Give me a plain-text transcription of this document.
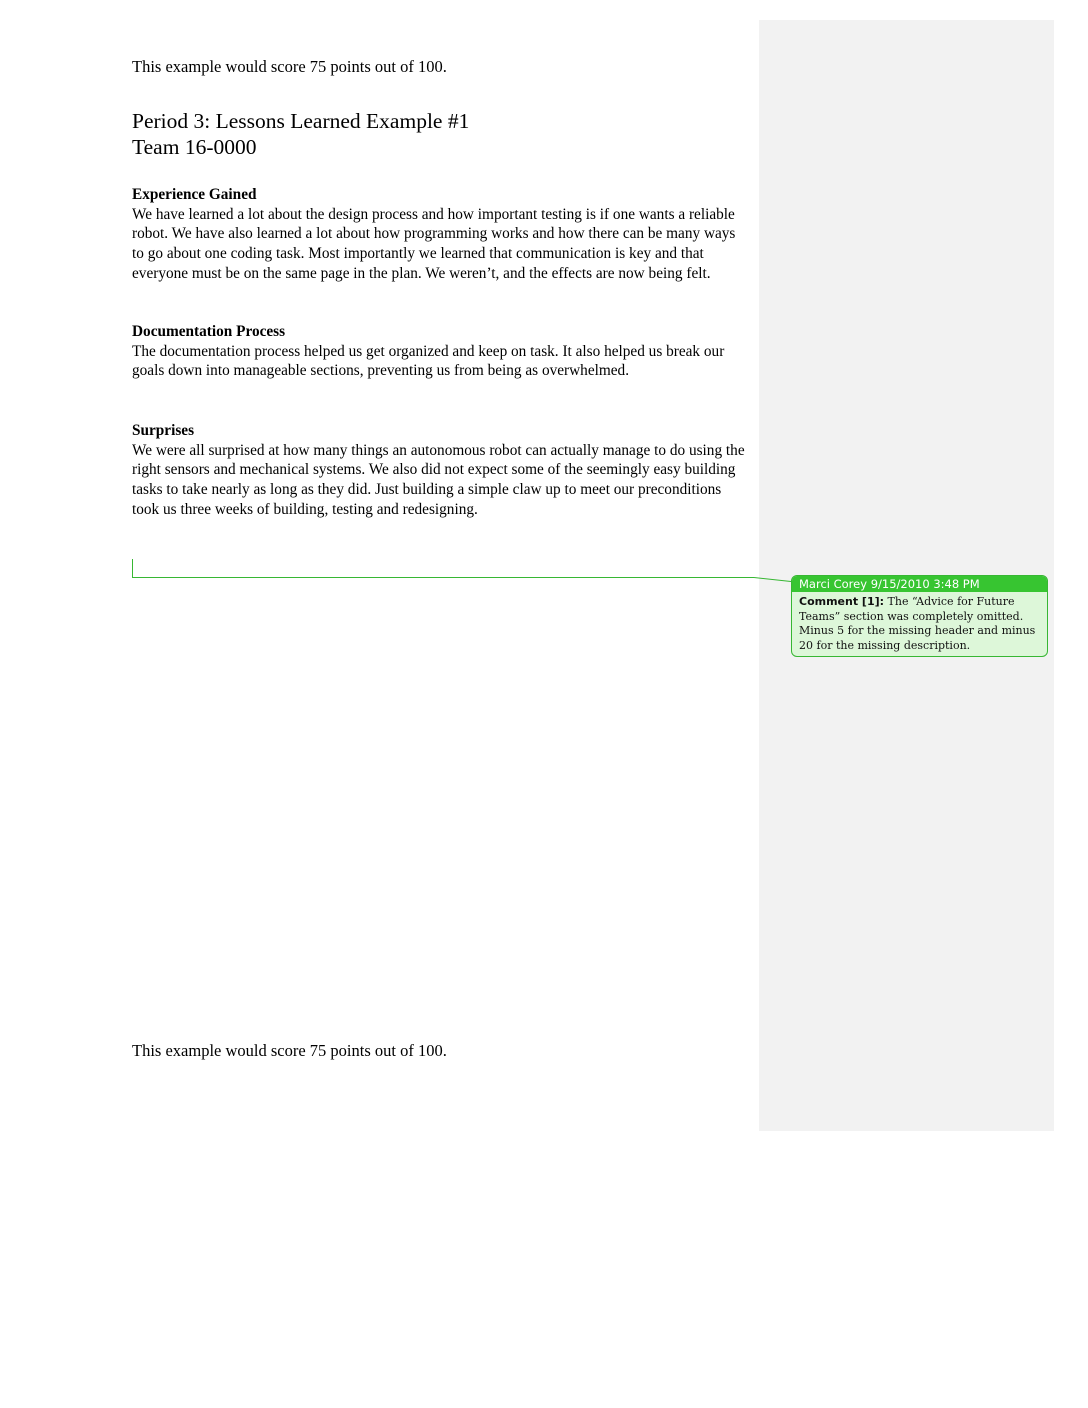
This example would score 75 points out of 100.
Period 3: Lessons Learned Example #1
Team 16-0000
Experience Gained

We have learned a lot about the design process and how important testing is if one wants a reliable robot. We have also learned a lot about how programming works and how there can be many ways to go about one coding task. Most importantly we learned that communication is key and that everyone must be on the same page in the plan. We weren’t, and the effects are now being felt.

Documentation Process

The documentation process helped us get organized and keep on task. It also helped us break our goals down into manageable sections, preventing us from being as overwhelmed.

Surprises

We were all surprised at how many things an autonomous robot can actually manage to do using the right sensors and mechanical systems. We also did not expect some of the seemingly easy building tasks to take nearly as long as they did. Just building a simple claw up to meet our preconditions took us three weeks of building, testing and redesigning.

Marci Corey 9/15/2010 3:48 PM
Comment [1]: The “Advice for Future Teams” section was completely omitted. Minus 5 for the missing header and minus 20 for the missing description.
This example would score 75 points out of 100.
